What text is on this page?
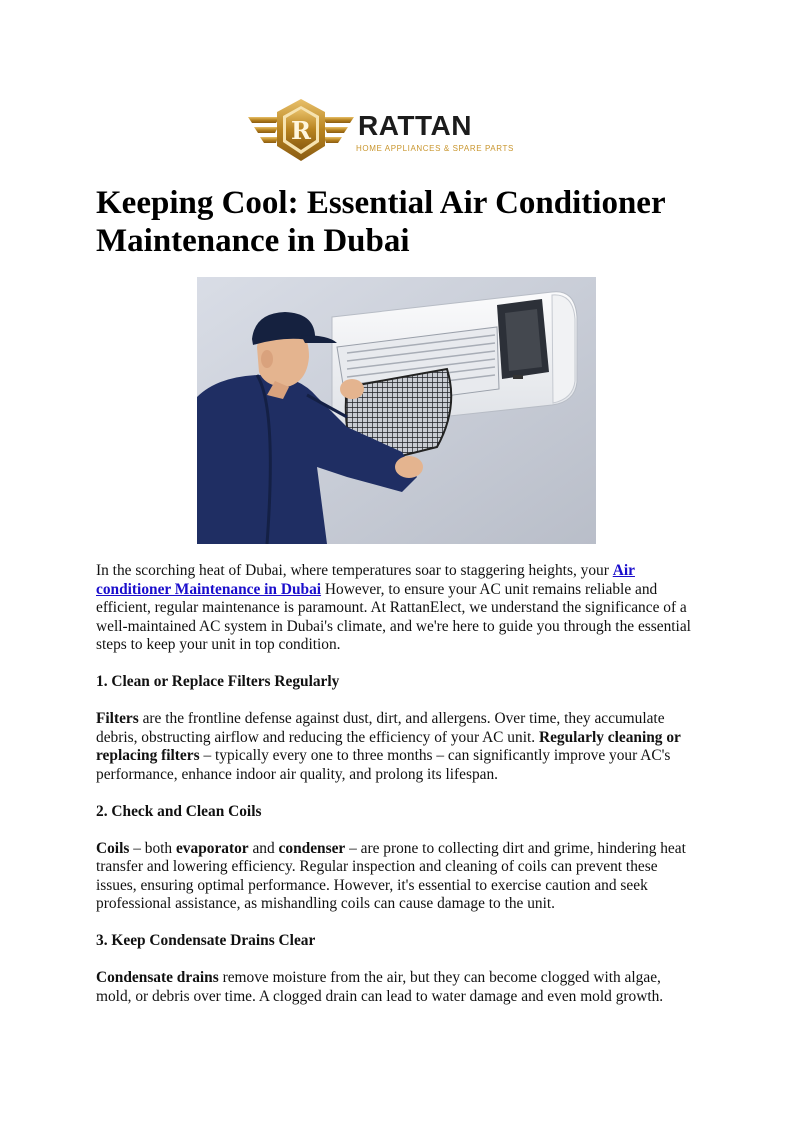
R RATTAN
HOME APPLIANCES & SPARE PARTS
Keeping Cool: Essential Air Conditioner Maintenance in Dubai

In the scorching heat of Dubai, where temperatures soar to staggering heights, your Air conditioner Maintenance in Dubai However, to ensure your AC unit remains reliable and efficient, regular maintenance is paramount. At RattanElect, we understand the significance of a well-maintained AC system in Dubai's climate, and we're here to guide you through the essential steps to keep your unit in top condition.

1. Clean or Replace Filters Regularly

Filters are the frontline defense against dust, dirt, and allergens. Over time, they accumulate debris, obstructing airflow and reducing the efficiency of your AC unit. Regularly cleaning or replacing filters – typically every one to three months – can significantly improve your AC's performance, enhance indoor air quality, and prolong its lifespan.

2. Check and Clean Coils

Coils – both evaporator and condenser – are prone to collecting dirt and grime, hindering heat transfer and lowering efficiency. Regular inspection and cleaning of coils can prevent these issues, ensuring optimal performance. However, it's essential to exercise caution and seek professional assistance, as mishandling coils can cause damage to the unit.

3. Keep Condensate Drains Clear

Condensate drains remove moisture from the air, but they can become clogged with algae, mold, or debris over time. A clogged drain can lead to water damage and even mold growth.
